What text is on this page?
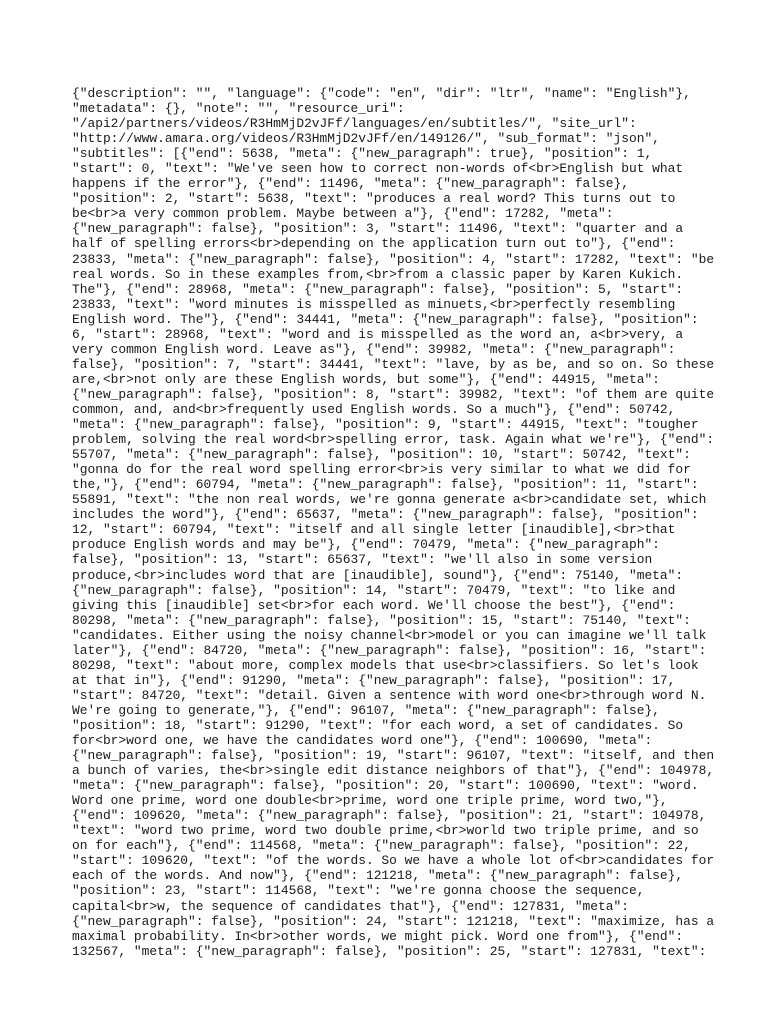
{"description": "", "language": {"code": "en", "dir": "ltr", "name": "English"},
"metadata": {}, "note": "", "resource_uri":
"/api2/partners/videos/R3HmMjD2vJFf/languages/en/subtitles/", "site_url":
"http://www.amara.org/videos/R3HmMjD2vJFf/en/149126/", "sub_format": "json",
"subtitles": [{"end": 5638, "meta": {"new_paragraph": true}, "position": 1,
"start": 0, "text": "We've seen how to correct non-words of<br>English but what
happens if the error"}, {"end": 11496, "meta": {"new_paragraph": false},
"position": 2, "start": 5638, "text": "produces a real word? This turns out to
be<br>a very common problem. Maybe between a"}, {"end": 17282, "meta":
{"new_paragraph": false}, "position": 3, "start": 11496, "text": "quarter and a
half of spelling errors<br>depending on the application turn out to"}, {"end":
23833, "meta": {"new_paragraph": false}, "position": 4, "start": 17282, "text": "be
real words. So in these examples from,<br>from a classic paper by Karen Kukich.
The"}, {"end": 28968, "meta": {"new_paragraph": false}, "position": 5, "start":
23833, "text": "word minutes is misspelled as minuets,<br>perfectly resembling
English word. The"}, {"end": 34441, "meta": {"new_paragraph": false}, "position":
6, "start": 28968, "text": "word and is misspelled as the word an, a<br>very, a
very common English word. Leave as"}, {"end": 39982, "meta": {"new_paragraph":
false}, "position": 7, "start": 34441, "text": "lave, by as be, and so on. So these
are,<br>not only are these English words, but some"}, {"end": 44915, "meta":
{"new_paragraph": false}, "position": 8, "start": 39982, "text": "of them are quite
common, and, and<br>frequently used English words. So a much"}, {"end": 50742,
"meta": {"new_paragraph": false}, "position": 9, "start": 44915, "text": "tougher
problem, solving the real word<br>spelling error, task. Again what we're"}, {"end":
55707, "meta": {"new_paragraph": false}, "position": 10, "start": 50742, "text":
"gonna do for the real word spelling error<br>is very similar to what we did for
the,"}, {"end": 60794, "meta": {"new_paragraph": false}, "position": 11, "start":
55891, "text": "the non real words, we're gonna generate a<br>candidate set, which
includes the word"}, {"end": 65637, "meta": {"new_paragraph": false}, "position":
12, "start": 60794, "text": "itself and all single letter [inaudible],<br>that
produce English words and may be"}, {"end": 70479, "meta": {"new_paragraph":
false}, "position": 13, "start": 65637, "text": "we'll also in some version
produce,<br>includes word that are [inaudible], sound"}, {"end": 75140, "meta":
{"new_paragraph": false}, "position": 14, "start": 70479, "text": "to like and
giving this [inaudible] set<br>for each word. We'll choose the best"}, {"end":
80298, "meta": {"new_paragraph": false}, "position": 15, "start": 75140, "text":
"candidates. Either using the noisy channel<br>model or you can imagine we'll talk
later"}, {"end": 84720, "meta": {"new_paragraph": false}, "position": 16, "start":
80298, "text": "about more, complex models that use<br>classifiers. So let's look
at that in"}, {"end": 91290, "meta": {"new_paragraph": false}, "position": 17,
"start": 84720, "text": "detail. Given a sentence with word one<br>through word N.
We're going to generate,"}, {"end": 96107, "meta": {"new_paragraph": false},
"position": 18, "start": 91290, "text": "for each word, a set of candidates. So
for<br>word one, we have the candidates word one"}, {"end": 100690, "meta":
{"new_paragraph": false}, "position": 19, "start": 96107, "text": "itself, and then
a bunch of varies, the<br>single edit distance neighbors of that"}, {"end": 104978,
"meta": {"new_paragraph": false}, "position": 20, "start": 100690, "text": "word.
Word one prime, word one double<br>prime, word one triple prime, word two,"},
{"end": 109620, "meta": {"new_paragraph": false}, "position": 21, "start": 104978,
"text": "word two prime, word two double prime,<br>world two triple prime, and so
on for each"}, {"end": 114568, "meta": {"new_paragraph": false}, "position": 22,
"start": 109620, "text": "of the words. So we have a whole lot of<br>candidates for
each of the words. And now"}, {"end": 121218, "meta": {"new_paragraph": false},
"position": 23, "start": 114568, "text": "we're gonna choose the sequence,
capital<br>w, the sequence of candidates that"}, {"end": 127831, "meta":
{"new_paragraph": false}, "position": 24, "start": 121218, "text": "maximize, has a
maximal probability. In<br>other words, we might pick. Word one from"}, {"end":
132567, "meta": {"new_paragraph": false}, "position": 25, "start": 127831, "text":
